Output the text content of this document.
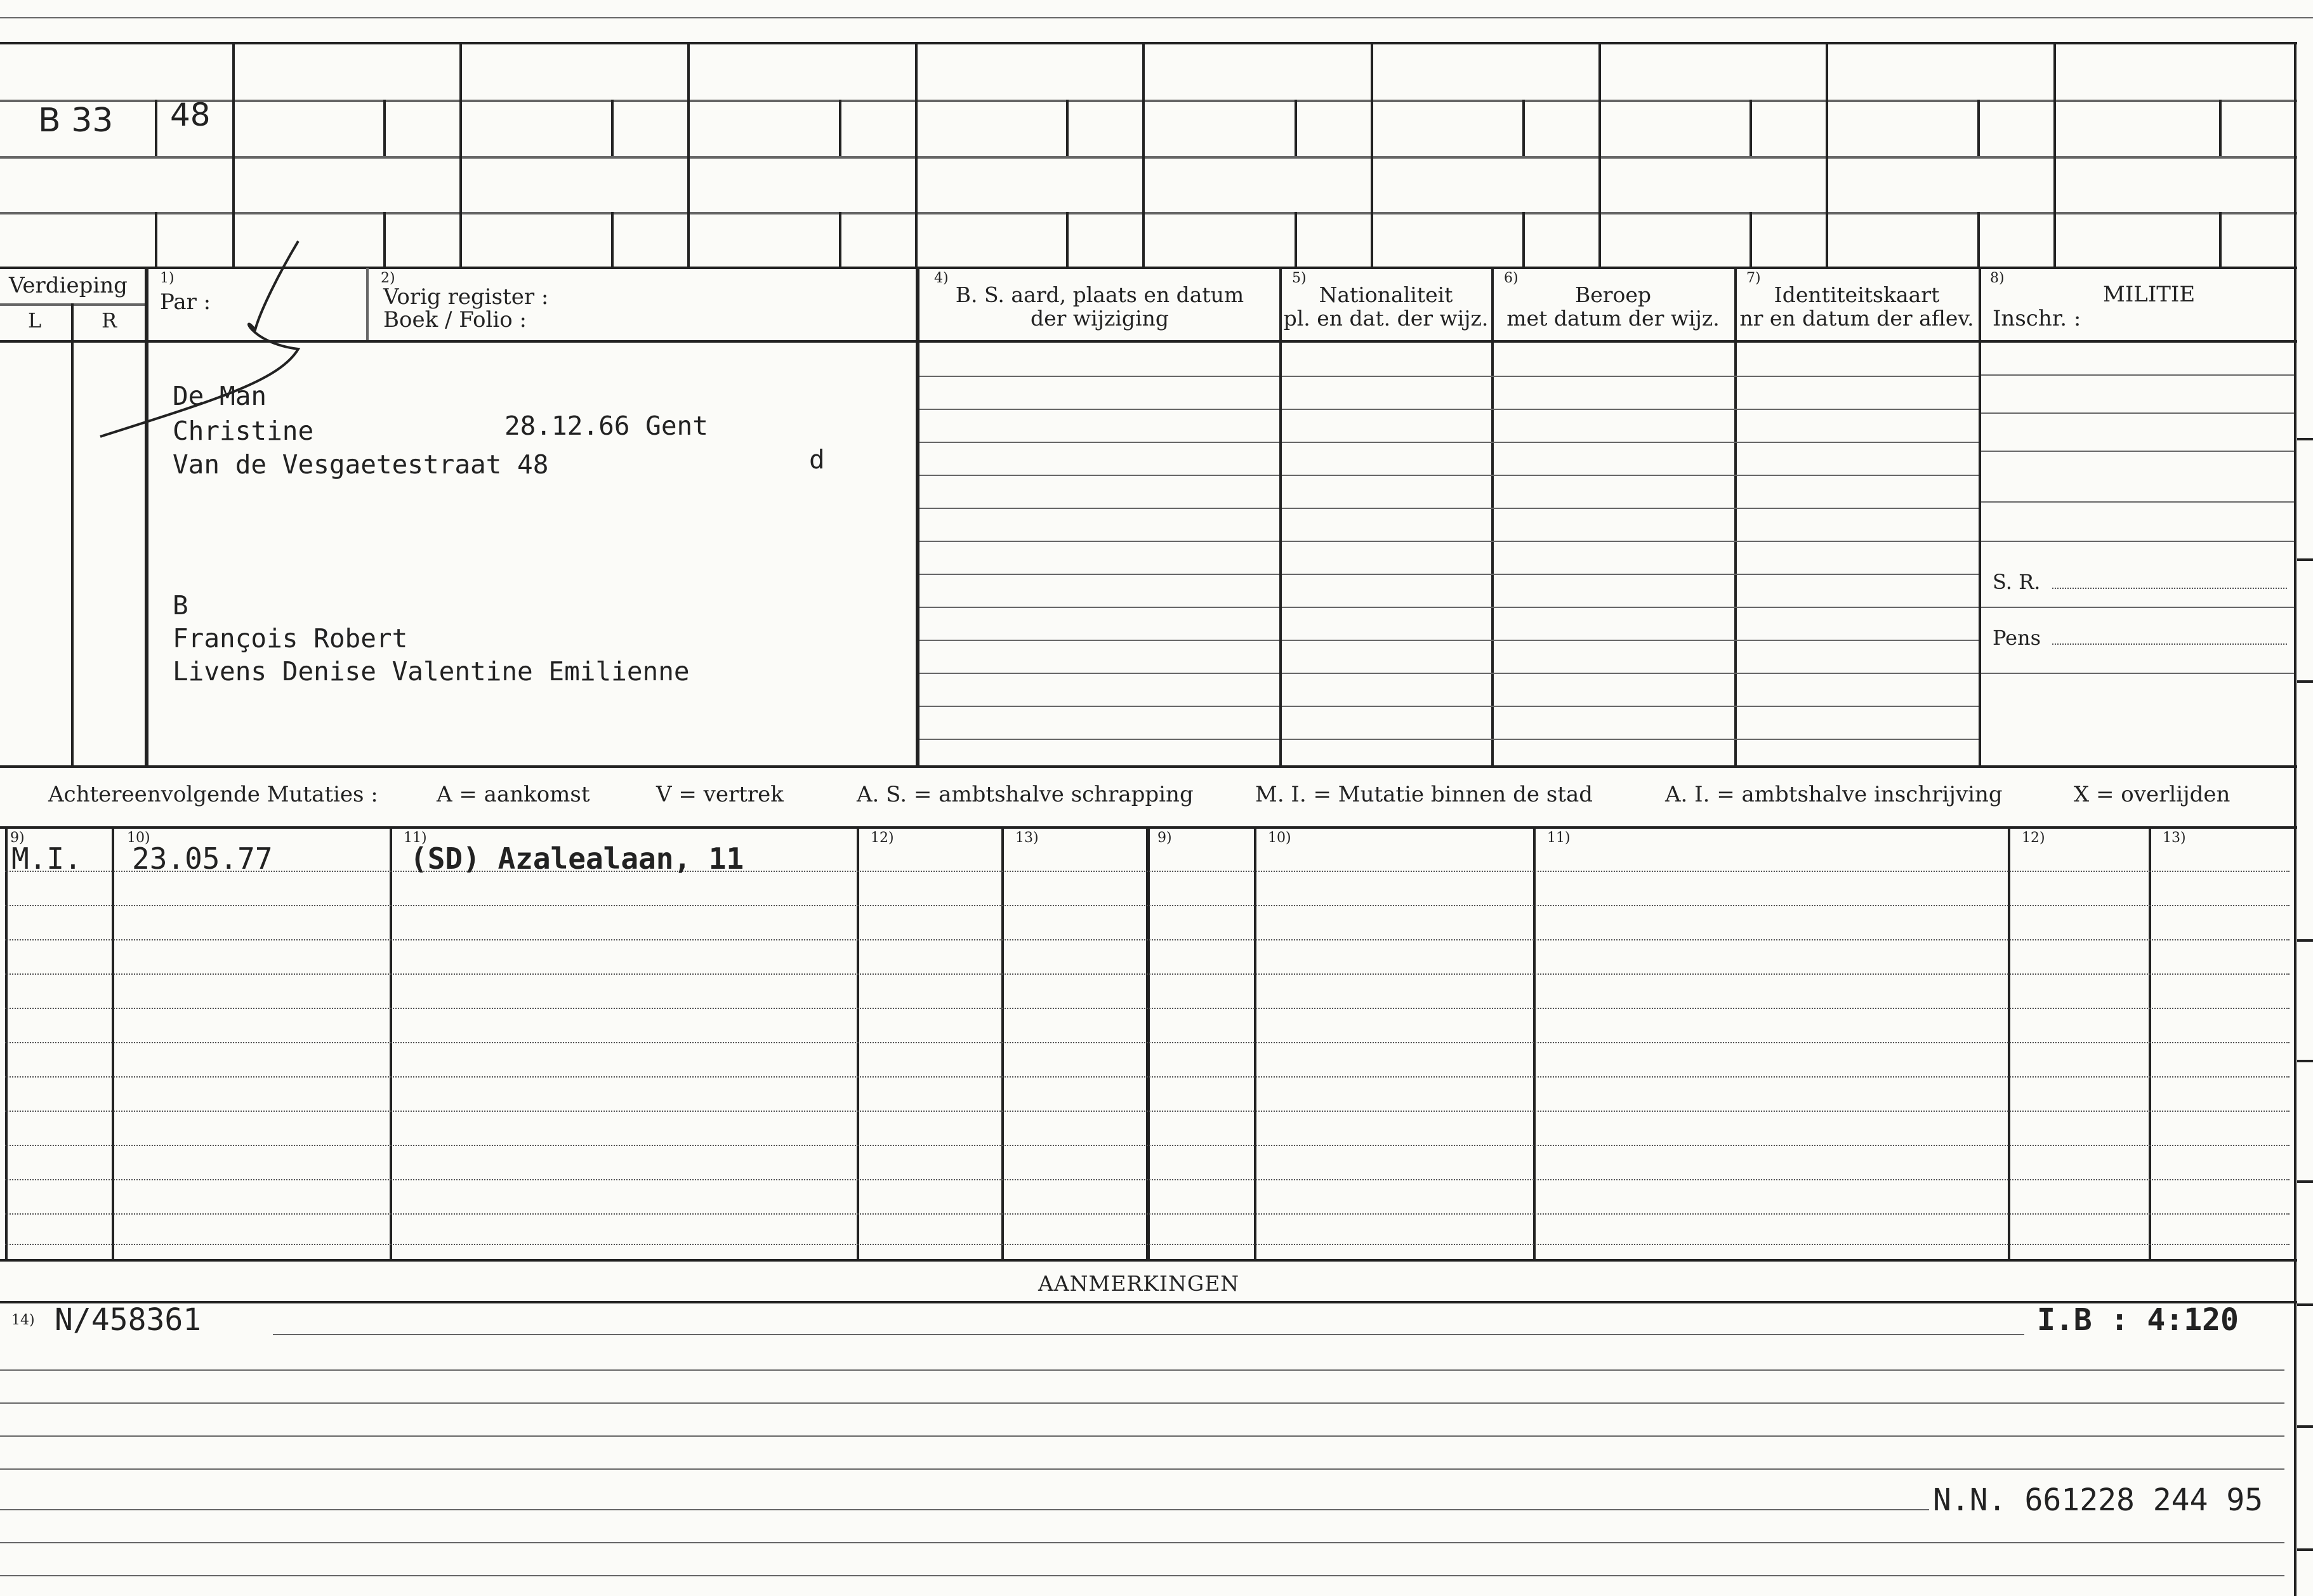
B 33 48
Verdieping
L	R
1)
Par :
2)
Vorig register :
Boek / Folio :
4)
B. S. aard, plaats en datum
der wijziging
5)
Nationaliteit
pl. en dat. der wijz.
6)
Beroep
met datum der wijz.
7)
Identiteitskaart
nr en datum der aflev.
8)
MILITIE
Inschr. :
S. R.
Pens
De Man
Christine	28.12.66 Gent
Van de Vesgaetestraat 48	d
B
François Robert
Livens Denise Valentine Emilienne
Achtereenvolgende Mutaties :	A = aankomst	V = vertrek	A. S. = ambtshalve schrapping	M. I. = Mutatie binnen de stad	A. I. = ambtshalve inschrijving	X = overlijden
9)	10)	11)	12)	13)	9)	10)	11)	12)	13)
M.I. 23.05.77	(SD) Azalealaan, 11
AANMERKINGEN
14) N/458361	I.B : 4:120
N.N. 661228 244 95
